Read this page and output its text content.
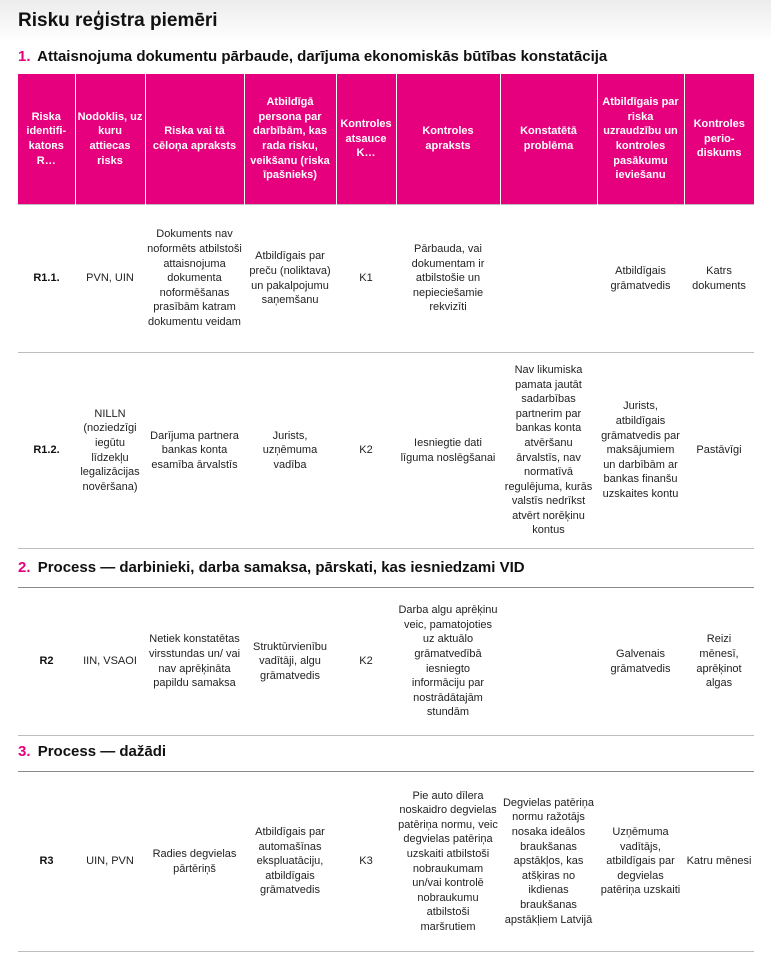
Risku reģistra piemēri
1. Attaisnojuma dokumentu pārbaude, darījuma ekonomiskās būtības konstatācija
Riska identifi-katoʀs R…	Nodoklis, uz kuru attiecas risks	Riska vai tā cēloņa apraksts	Atbildīgā persona par darbībām, kas rada risku, veikšanu (riska īpašnieks)	Kontroles atsauce K…	Kontroles apraksts	Konstatētā problēma	Atbildīgais par riska uzraudzību un kontroles pasākumu ieviešanu	Kontroles perio-diskums
R1.1.	PVN, UIN	Dokuments nav noformēts atbilstoši attaisnojuma dokumenta noformēšanas prasībām katram dokumentu veidam	Atbildīgais par preču (noliktava) un pakalpojumu saņemšanu	K1	Pārbauda, vai dokumentam ir atbilstošie un nepieciešamie rekvizīti		Atbildīgais grāmatvedis	Katrs dokuments
R1.2.	NILLN (noziedzīgi iegūtu līdzekļu legalizācijas novēršana)	Darījuma partnera bankas konta esamība ārvalstīs	Jurists, uzņēmuma vadība	K2	Iesniegtie dati līguma noslēgšanai	Nav likumiska pamata jautāt sadarbības partnerim par bankas konta atvēršanu ārvalstīs, nav normatīvā regulējuma, kurās valstīs nedrīkst atvērt norēķinu kontus	Jurists, atbildīgais grāmatvedis par maksājumiem un darbībām ar bankas finanšu uzskaites kontu	Pastāvīgi
2. Process — darbinieki, darba samaksa, pārskati, kas iesniedzami VID
R2	IIN, VSAOI	Netiek konstatētas virsstundas un/ vai nav aprēķināta papildu samaksa	Struktūrvienību vadītāji, algu grāmatvedis	K2	Darba algu aprēķinu veic, pamatojoties uz aktuālo grāmatvedībā iesniegto informāciju par nostrādātajām stundām		Galvenais grāmatvedis	Reizi mēnesī, aprēķinot algas
3. Process — dažādi
R3	UIN, PVN	Radies degvielas pārtēriņš	Atbildīgais par automašīnas ekspluatāciju, atbildīgais grāmatvedis	K3	Pie auto dīlera noskaidro degvielas patēriņa normu, veic degvielas patēriņa uzskaiti atbilstoši nobraukumam un/vai kontrolē nobraukumu atbilstoši maršrutiem	Degvielas patēriņa normu ražotājs nosaka ideālos braukšanas apstākļos, kas atšķiras no ikdienas braukšanas apstākļiem Latvijā	Uzņēmuma vadītājs, atbildīgais par degvielas patēriņa uzskaiti	Katru mēnesi
